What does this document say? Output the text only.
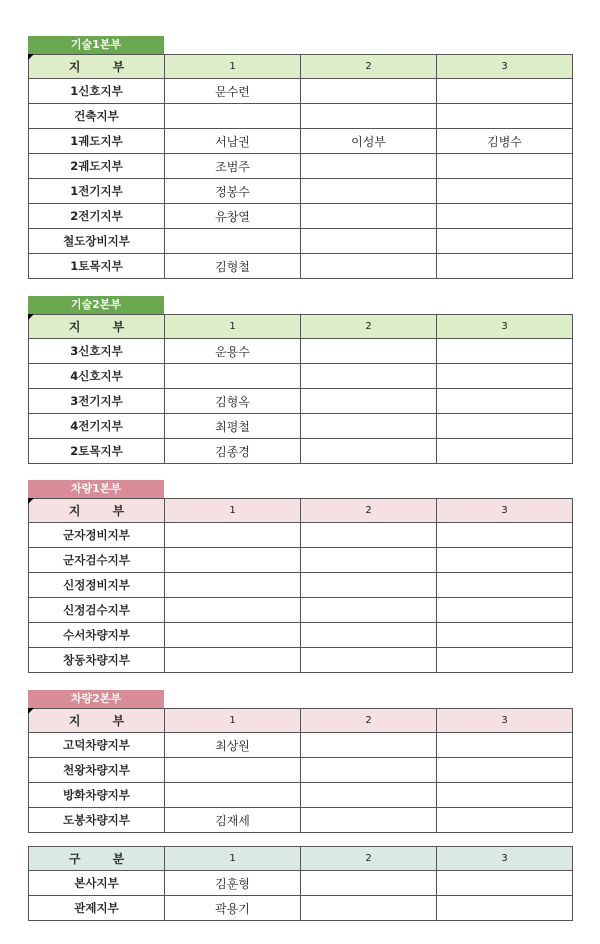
기술1본부
지 부	1	2	3
1신호지부	문수련		
건축지부			
1궤도지부	서남권	이성부	김병수
2궤도지부	조범주		
1전기지부	정봉수		
2전기지부	유창열		
철도장비지부			
1토목지부	김형철		
기술2본부
지 부	1	2	3
3신호지부	운용수		
4신호지부			
3전기지부	김형옥		
4전기지부	최평철		
2토목지부	김종경		
차량1본부
지 부	1	2	3
군자정비지부			
군자검수지부			
신정정비지부			
신정검수지부			
수서차량지부			
창동차량지부			
차량2본부
지 부	1	2	3
고덕차량지부	최상원		
천왕차량지부			
방화차량지부			
도봉차량지부	김재세		
구 분	1	2	3
본사지부	김훈형		
관제지부	곽용기		
